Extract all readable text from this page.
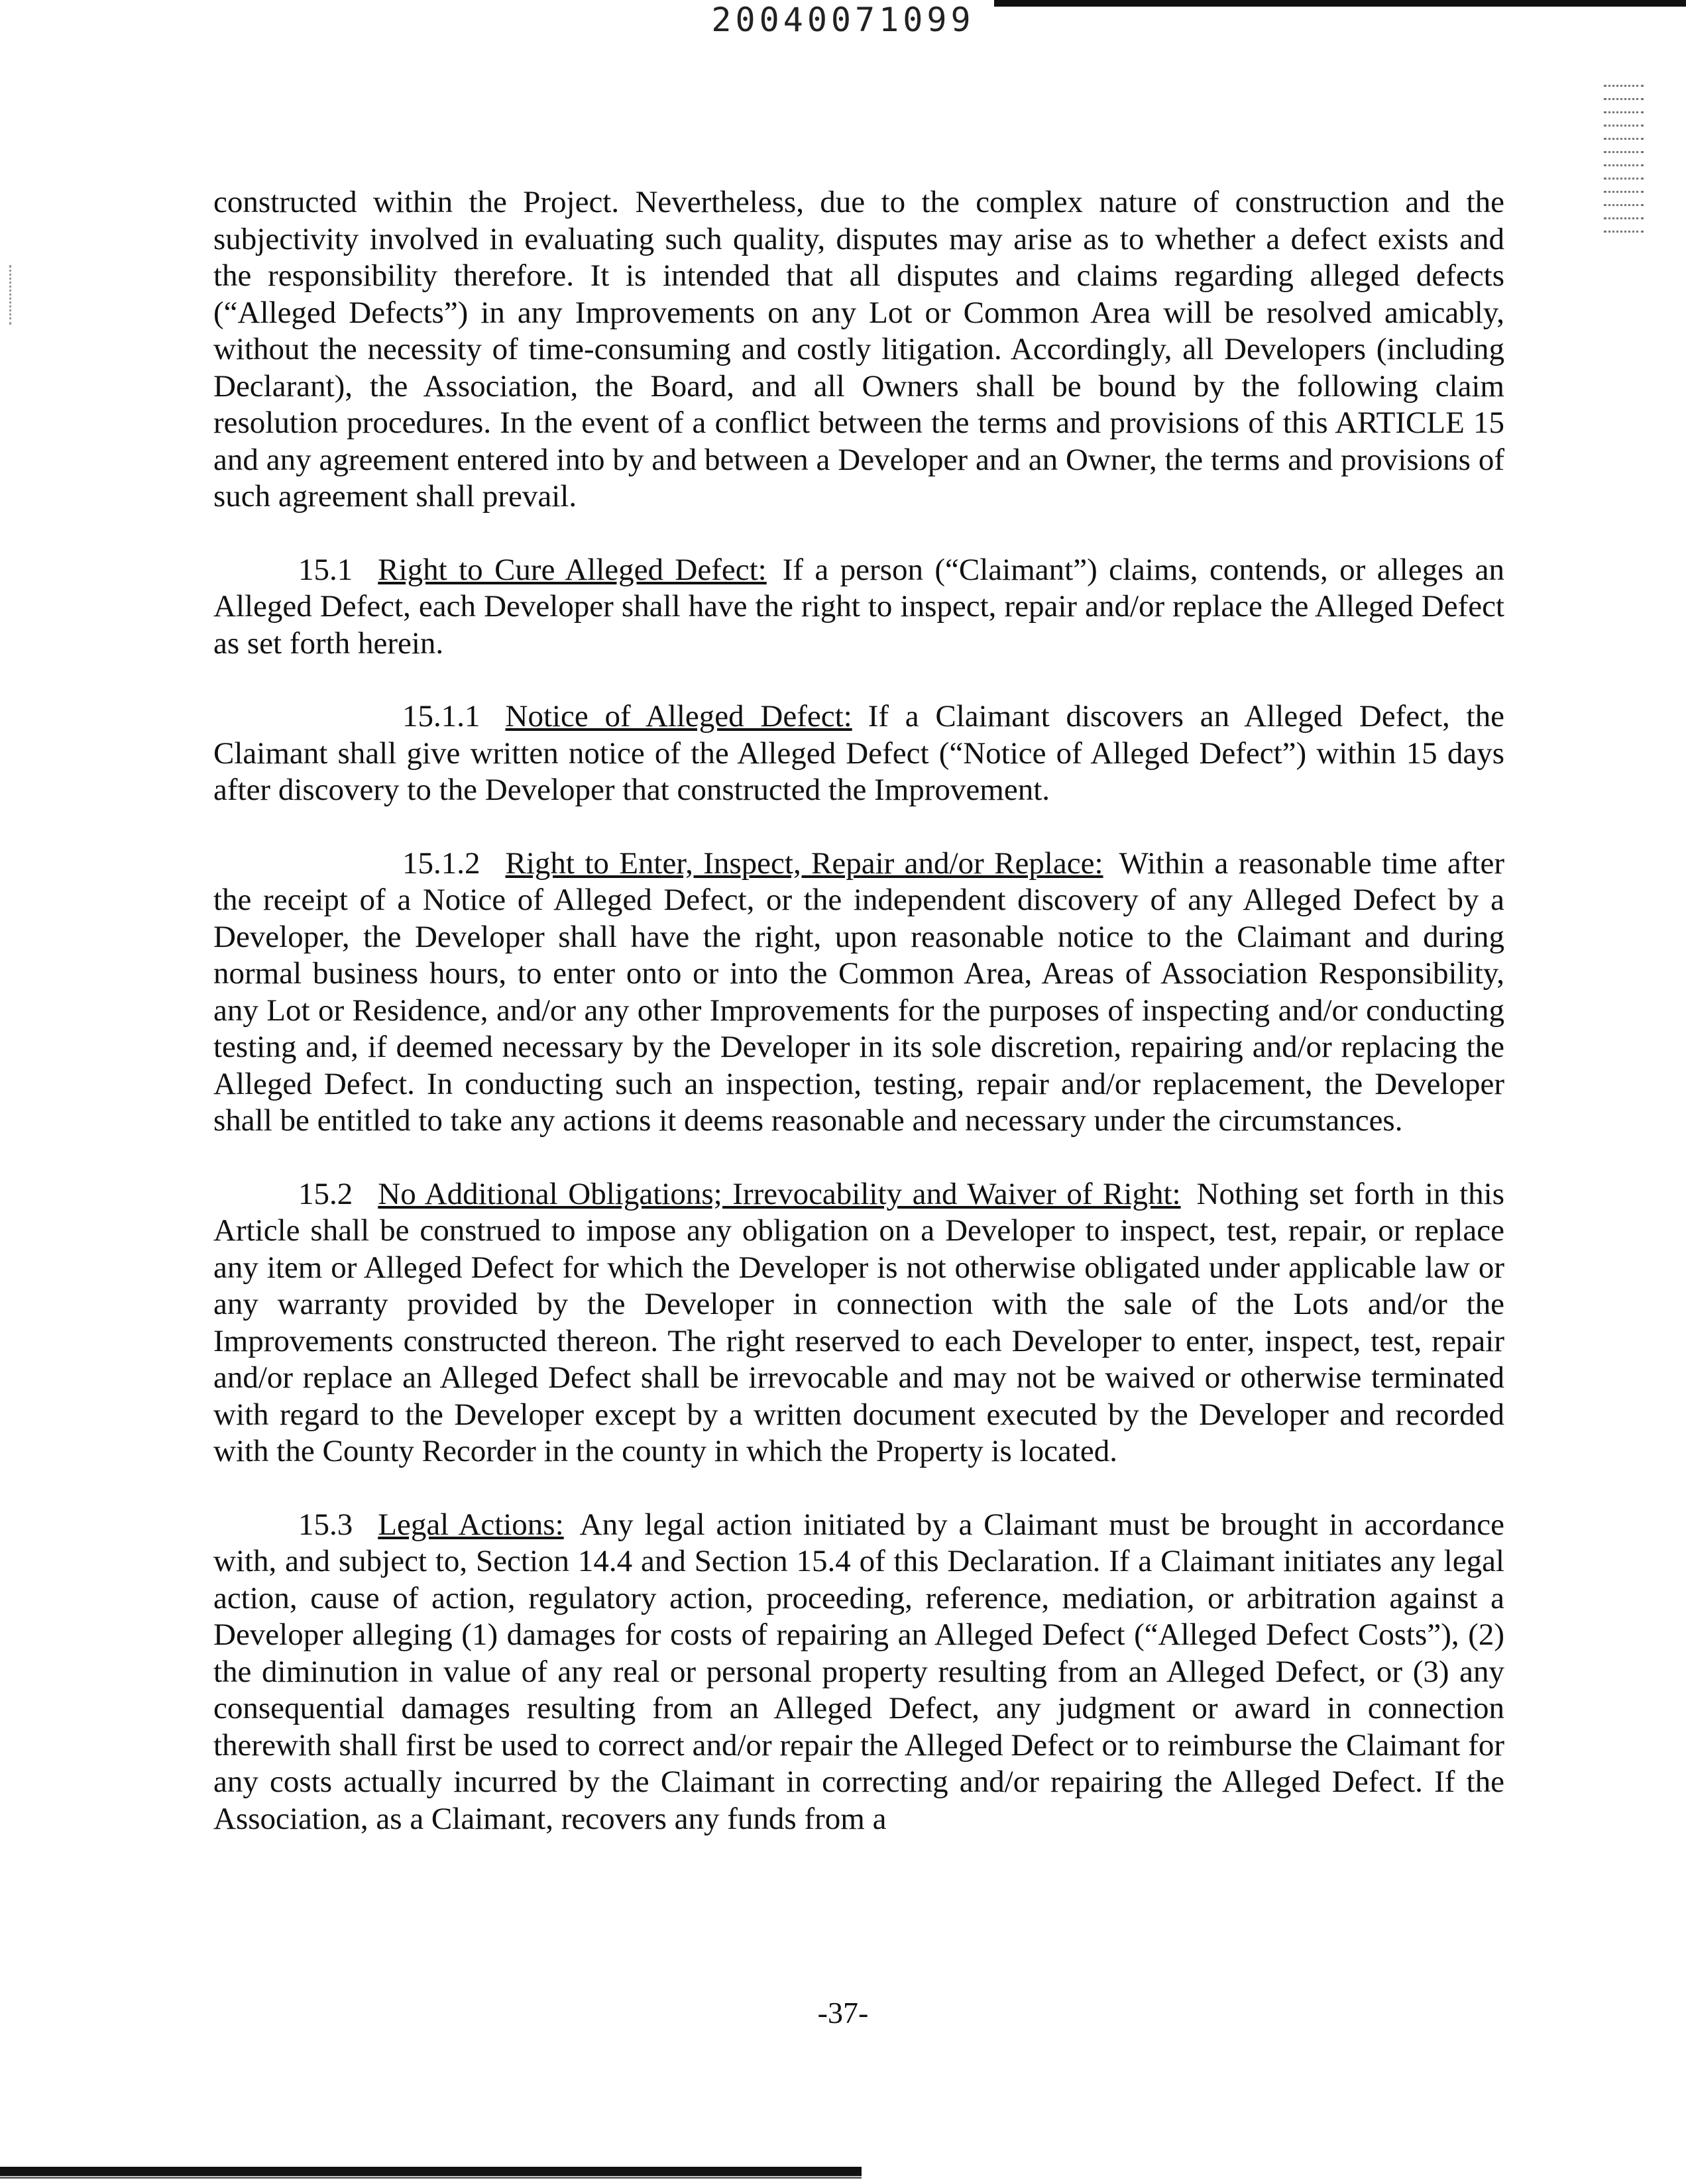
20040071099

constructed within the Project. Nevertheless, due to the complex nature of construction and the subjectivity involved in evaluating such quality, disputes may arise as to whether a defect exists and the responsibility therefore. It is intended that all disputes and claims regarding alleged defects (“Alleged Defects”) in any Improvements on any Lot or Common Area will be resolved amicably, without the necessity of time-consuming and costly litigation. Accordingly, all Developers (including Declarant), the Association, the Board, and all Owners shall be bound by the following claim resolution procedures. In the event of a conflict between the terms and provisions of this ARTICLE 15 and any agreement entered into by and between a Developer and an Owner, the terms and provisions of such agreement shall prevail.

15.1 Right to Cure Alleged Defect: If a person (“Claimant”) claims, contends, or alleges an Alleged Defect, each Developer shall have the right to inspect, repair and/or replace the Alleged Defect as set forth herein.

15.1.1 Notice of Alleged Defect: If a Claimant discovers an Alleged Defect, the Claimant shall give written notice of the Alleged Defect (“Notice of Alleged Defect”) within 15 days after discovery to the Developer that constructed the Improvement.

15.1.2 Right to Enter, Inspect, Repair and/or Replace: Within a reasonable time after the receipt of a Notice of Alleged Defect, or the independent discovery of any Alleged Defect by a Developer, the Developer shall have the right, upon reasonable notice to the Claimant and during normal business hours, to enter onto or into the Common Area, Areas of Association Responsibility, any Lot or Residence, and/or any other Improvements for the purposes of inspecting and/or conducting testing and, if deemed necessary by the Developer in its sole discretion, repairing and/or replacing the Alleged Defect. In conducting such an inspection, testing, repair and/or replacement, the Developer shall be entitled to take any actions it deems reasonable and necessary under the circumstances.

15.2 No Additional Obligations; Irrevocability and Waiver of Right: Nothing set forth in this Article shall be construed to impose any obligation on a Developer to inspect, test, repair, or replace any item or Alleged Defect for which the Developer is not otherwise obligated under applicable law or any warranty provided by the Developer in connection with the sale of the Lots and/or the Improvements constructed thereon. The right reserved to each Developer to enter, inspect, test, repair and/or replace an Alleged Defect shall be irrevocable and may not be waived or otherwise terminated with regard to the Developer except by a written document executed by the Developer and recorded with the County Recorder in the county in which the Property is located.

15.3 Legal Actions: Any legal action initiated by a Claimant must be brought in accordance with, and subject to, Section 14.4 and Section 15.4 of this Declaration. If a Claimant initiates any legal action, cause of action, regulatory action, proceeding, reference, mediation, or arbitration against a Developer alleging (1) damages for costs of repairing an Alleged Defect (“Alleged Defect Costs”), (2) the diminution in value of any real or personal property resulting from an Alleged Defect, or (3) any consequential damages resulting from an Alleged Defect, any judgment or award in connection therewith shall first be used to correct and/or repair the Alleged Defect or to reimburse the Claimant for any costs actually incurred by the Claimant in correcting and/or repairing the Alleged Defect. If the Association, as a Claimant, recovers any funds from a

-37-
